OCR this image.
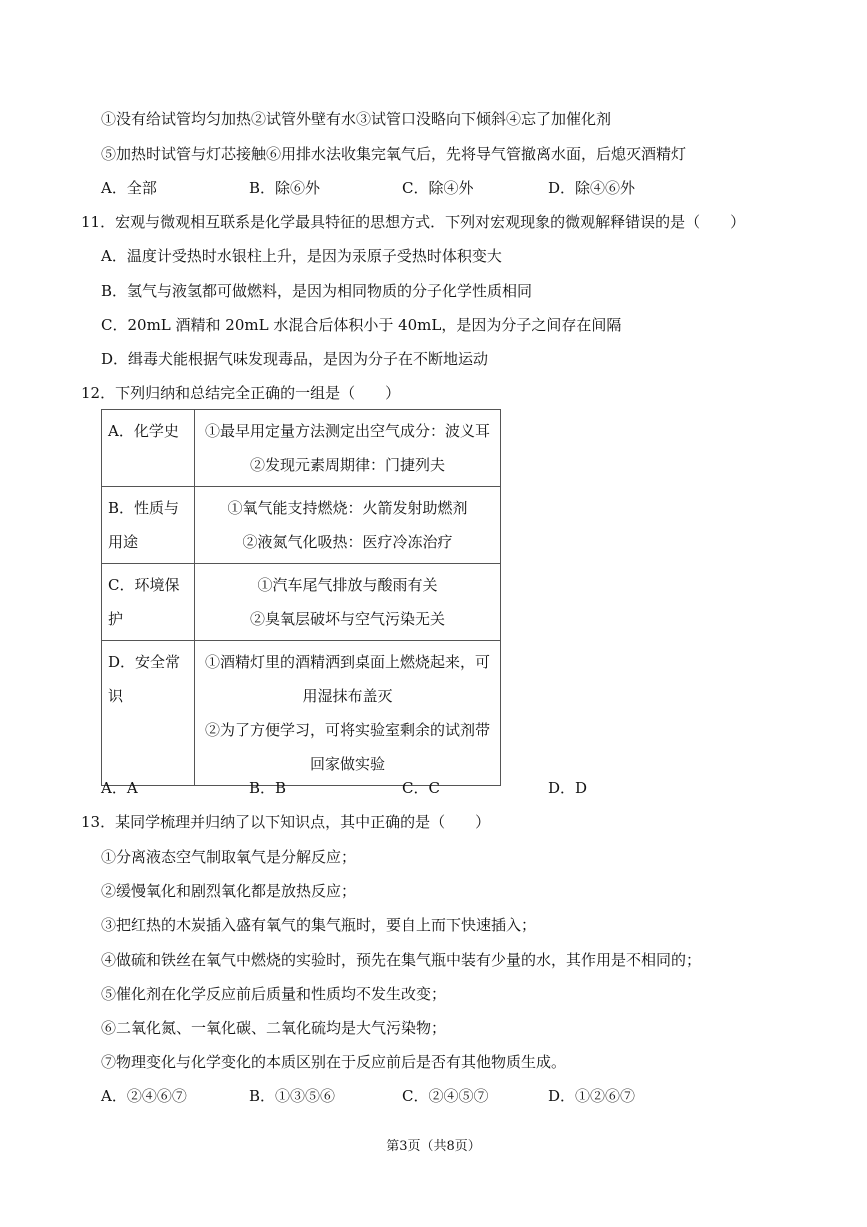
①没有给试管均匀加热②试管外壁有水③试管口没略向下倾斜④忘了加催化剂
⑤加热时试管与灯芯接触⑥用排水法收集完氧气后，先将导气管撤离水面，后熄灭酒精灯
A．全部	B．除⑥外	C．除④外	D．除④⑥外
11．宏观与微观相互联系是化学最具特征的思想方式．下列对宏观现象的微观解释错误的是（　　）
A．温度计受热时水银柱上升，是因为汞原子受热时体积变大
B．氢气与液氢都可做燃料，是因为相同物质的分子化学性质相同
C．20mL 酒精和 20mL 水混合后体积小于 40mL，是因为分子之间存在间隔
D．缉毒犬能根据气味发现毒品，是因为分子在不断地运动
12．下列归纳和总结完全正确的一组是（　　）
A．化学史	①最早用定量方法测定出空气成分：波义耳
②发现元素周期律：门捷列夫

B．性质与用途	①氧气能支持燃烧：火箭发射助燃剂
②液氮气化吸热：医疗冷冻治疗

C．环境保护	①汽车尾气排放与酸雨有关
②臭氧层破坏与空气污染无关

D．安全常识	①酒精灯里的酒精洒到桌面上燃烧起来，可用湿抹布盖灭
②为了方便学习，可将实验室剩余的试剂带回家做实验
A．A	B．B	C．C	D．D
13．某同学梳理并归纳了以下知识点，其中正确的是（　　）
①分离液态空气制取氧气是分解反应；
②缓慢氧化和剧烈氧化都是放热反应；
③把红热的木炭插入盛有氧气的集气瓶时，要自上而下快速插入；
④做硫和铁丝在氧气中燃烧的实验时，预先在集气瓶中装有少量的水，其作用是不相同的；
⑤催化剂在化学反应前后质量和性质均不发生改变；
⑥二氧化氮、一氧化碳、二氧化硫均是大气污染物；
⑦物理变化与化学变化的本质区别在于反应前后是否有其他物质生成。
A．②④⑥⑦	B．①③⑤⑥	C．②④⑤⑦	D．①②⑥⑦
第3页（共8页）
